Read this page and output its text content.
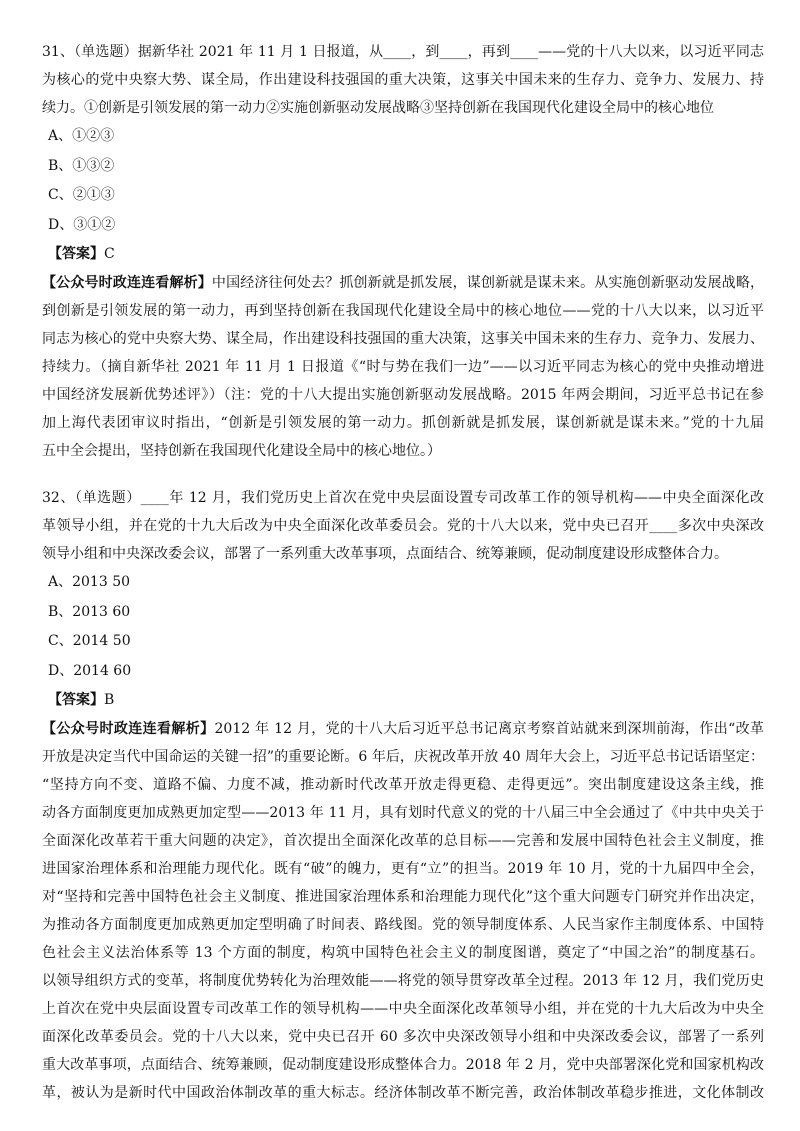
31、（单选题）据新华社 2021 年 11 月 1 日报道，从____，到____，再到____——党的十八大以来，以习近平同志
为核心的党中央察大势、谋全局，作出建设科技强国的重大决策，这事关中国未来的生存力、竞争力、发展力、持
续力。①创新是引领发展的第一动力②实施创新驱动发展战略③坚持创新在我国现代化建设全局中的核心地位
A、①②③
B、①③②
C、②①③
D、③①②
【答案】C
【公众号时政连连看解析】中国经济往何处去？抓创新就是抓发展，谋创新就是谋未来。从实施创新驱动发展战略，
到创新是引领发展的第一动力，再到坚持创新在我国现代化建设全局中的核心地位——党的十八大以来，以习近平
同志为核心的党中央察大势、谋全局，作出建设科技强国的重大决策，这事关中国未来的生存力、竞争力、发展力、
持续力。（摘自新华社 2021 年 11 月 1 日报道《“时与势在我们一边”——以习近平同志为核心的党中央推动增进
中国经济发展新优势述评》）（注：党的十八大提出实施创新驱动发展战略。2015 年两会期间，习近平总书记在参
加上海代表团审议时指出，“创新是引领发展的第一动力。抓创新就是抓发展，谋创新就是谋未来。”党的十九届
五中全会提出，坚持创新在我国现代化建设全局中的核心地位。）
32、（单选题）____年 12 月，我们党历史上首次在党中央层面设置专司改革工作的领导机构——中央全面深化改
革领导小组，并在党的十九大后改为中央全面深化改革委员会。党的十八大以来，党中央已召开____多次中央深改
领导小组和中央深改委会议，部署了一系列重大改革事项，点面结合、统筹兼顾，促动制度建设形成整体合力。
A、2013 50
B、2013 60
C、2014 50
D、2014 60
【答案】B
【公众号时政连连看解析】2012 年 12 月，党的十八大后习近平总书记离京考察首站就来到深圳前海，作出“改革
开放是决定当代中国命运的关键一招”的重要论断。6 年后，庆祝改革开放 40 周年大会上，习近平总书记话语坚定：
“坚持方向不变、道路不偏、力度不减，推动新时代改革开放走得更稳、走得更远”。突出制度建设这条主线，推
动各方面制度更加成熟更加定型——2013 年 11 月，具有划时代意义的党的十八届三中全会通过了《中共中央关于
全面深化改革若干重大问题的决定》，首次提出全面深化改革的总目标——完善和发展中国特色社会主义制度，推
进国家治理体系和治理能力现代化。既有“破”的魄力，更有“立”的担当。2019 年 10 月，党的十九届四中全会，
对“坚持和完善中国特色社会主义制度、推进国家治理体系和治理能力现代化”这个重大问题专门研究并作出决定，
为推动各方面制度更加成熟更加定型明确了时间表、路线图。党的领导制度体系、人民当家作主制度体系、中国特
色社会主义法治体系等 13 个方面的制度，构筑中国特色社会主义的制度图谱，奠定了“中国之治”的制度基石。
以领导组织方式的变革，将制度优势转化为治理效能——将党的领导贯穿改革全过程。2013 年 12 月，我们党历史
上首次在党中央层面设置专司改革工作的领导机构——中央全面深化改革领导小组，并在党的十九大后改为中央全
面深化改革委员会。党的十八大以来，党中央已召开 60 多次中央深改领导小组和中央深改委会议，部署了一系列
重大改革事项，点面结合、统筹兼顾，促动制度建设形成整体合力。2018 年 2 月，党中央部署深化党和国家机构改
革，被认为是新时代中国政治体制改革的重大标志。经济体制改革不断完善，政治体制改革稳步推进，文化体制改
